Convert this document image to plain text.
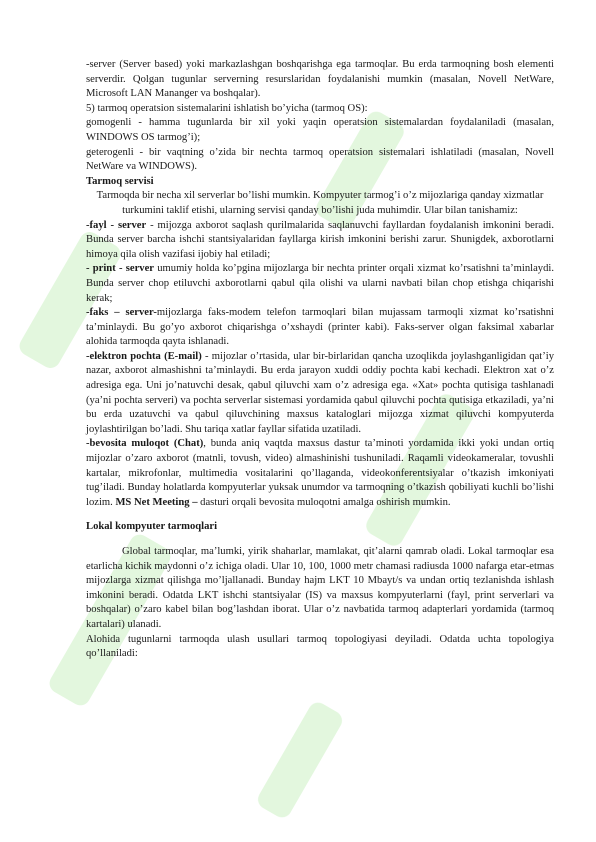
-server (Server based) yoki markazlashgan boshqarishga ega tarmoqlar. Bu erda tarmoqning bosh elementi serverdir. Qolgan tugunlar serverning resurslaridan foydalanishi mumkin (masalan, Novell NetWare, Microsoft LAN Mananger va boshqalar).

5) tarmoq operatsion sistemalarini ishlatish bo’yicha (tarmoq OS):

gomogenli - hamma tugunlarda bir xil yoki yaqin operatsion sistemalardan foydalaniladi (masalan, WINDOWS OS tarmog’i);

geterogenli - bir vaqtning o’zida bir nechta tarmoq operatsion sistemalari ishlatiladi (masalan, Novell NetWare va WINDOWS).

Tarmoq servisi

Tarmoqda bir necha xil serverlar bo’lishi mumkin. Kompyuter tarmog’i o’z mijozlariga qanday xizmatlar turkumini taklif etishi, ularning servisi qanday bo’lishi juda muhimdir. Ular bilan tanishamiz:

-fayl - server - mijozga axborot saqlash qurilmalarida saqlanuvchi fayllardan foydalanish imkonini beradi. Bunda server barcha ishchi stantsiyalaridan fayllarga kirish imkonini berishi zarur. Shunigdek, axborotlarni himoya qila olish vazifasi ijobiy hal etiladi;

- print - server umumiy holda ko’pgina mijozlarga bir nechta printer orqali xizmat ko’rsatishni ta’minlaydi. Bunda server chop etiluvchi axborotlarni qabul qila olishi va ularni navbati bilan chop etishga chiqarishi kerak;

-faks – server-mijozlarga faks-modem telefon tarmoqlari bilan mujassam tarmoqli xizmat ko’rsatishni ta’minlaydi. Bu go’yo axborot chiqarishga o’xshaydi (printer kabi). Faks-server olgan faksimal xabarlar alohida tarmoqda qayta ishlanadi.

-elektron pochta (E-mail) - mijozlar o’rtasida, ular bir-birlaridan qancha uzoqlikda joylashganligidan qat’iy nazar, axborot almashishni ta’minlaydi. Bu erda jarayon xuddi oddiy pochta kabi kechadi. Elektron xat o’z adresiga ega. Uni jo’natuvchi desak, qabul qiluvchi xam o’z adresiga ega. «Xat» pochta qutisiga tashlanadi (ya’ni pochta serveri) va pochta serverlar sistemasi yordamida qabul qiluvchi pochta qutisiga etkaziladi, ya’ni bu erda uzatuvchi va qabul qiluvchining maxsus kataloglari mijozga xizmat qiluvchi kompyuterda joylashtirilgan bo’ladi. Shu tariqa xatlar fayllar sifatida uzatiladi.

-bevosita muloqot (Chat), bunda aniq vaqtda maxsus dastur ta’minoti yordamida ikki yoki undan ortiq mijozlar o’zaro axborot (matnli, tovush, video) almashinishi tushuniladi. Raqamli videokameralar, tovushli kartalar, mikrofonlar, multimedia vositalarini qo’llaganda, videokonferentsiyalar o’tkazish imkoniyati tug’iladi. Bunday holatlarda kompyuterlar yuksak unumdor va tarmoqning o’tkazish qobiliyati kuchli bo’lishi lozim. MS Net Meeting – dasturi orqali bevosita muloqotni amalga oshirish mumkin.

Lokal kompyuter tarmoqlari

Global tarmoqlar, ma’lumki, yirik shaharlar, mamlakat, qit’alarni qamrab oladi. Lokal tarmoqlar esa etarlicha kichik maydonni o’z ichiga oladi. Ular 10, 100, 1000 metr chamasi radiusda 1000 nafarga etar-etmas mijozlarga xizmat qilishga mo’ljallanadi. Bunday hajm LKT 10 Mbayt/s va undan ortiq tezlanishda ishlash imkonini beradi. Odatda LKT ishchi stantsiyalar (IS) va maxsus kompyuterlarni (fayl, print serverlari va boshqalar) o’zaro kabel bilan bog’lashdan iborat. Ular o’z navbatida tarmoq adapterlari yordamida (tarmoq kartalari) ulanadi.

Alohida tugunlarni tarmoqda ulash usullari tarmoq topologiyasi deyiladi. Odatda uchta topologiya qo’llaniladi:
